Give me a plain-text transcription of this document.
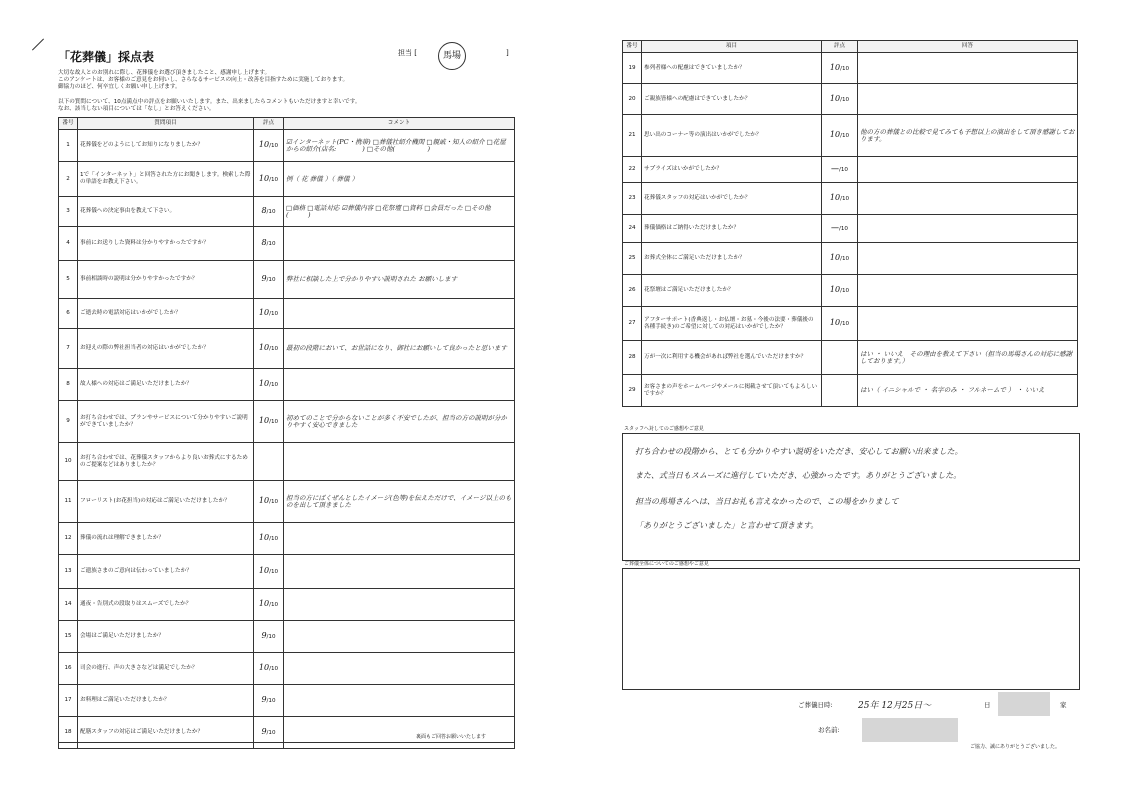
「花葬儀」採点表	担当 [	馬場	]
大切な故人とのお別れに際し、花葬儀をお選び頂きましたこと、感謝申し上げます。
このアンケートは、お客様のご意見をお伺いし、さらなるサービスの向上・改善を目指すために実施しております。
御協力のほど、何卒宜しくお願い申し上げます。
以下の質問について、10点満点中の評点をお願いいたします。また、出来ましたらコメントもいただけますと幸いです。
なお、該当しない項目については「なし」とお答えください。
番号	質問項目	評点	コメント
1	花葬儀をどのようにしてお知りになりましたか？	10/10	☑インターネット(PC・携帯) □葬儀社紹介機関 □親戚・知人の紹介 □花屋からの紹介(店名:　　　　) □その他(　　　　　)
2	1で「インターネット」と回答された方にお聞きします。検索した際の単語をお教え下さい。	10/10	例（ 花 葬儀 ）（ 葬儀 ）
3	花葬儀への決定事由を教えて下さい。	8/10	□価格 □電話対応 ☑葬儀内容 □花祭壇 □資料 □会員だった □その他(　　　)
4	事前にお送りした資料は分かりやすかったですか？	8/10	
5	事前相談時の説明は分かりやすかったですか？	9/10	弊社に相談した上で分かりやすい説明された お願いします
6	ご逝去時の電話対応はいかがでしたか？	10/10	
7	お迎えの際の弊社担当者の対応はいかがでしたか？	10/10	最初の段階において、お世話になり、御社にお願いして良かったと思います
8	故人様への対応はご満足いただけましたか？	10/10	
9	お打ち合わせでは、プランやサービスについて分かりやすいご説明ができていましたか？	10/10	初めてのことで分からないことが多く不安でしたが、担当の方の説明が分かりやすく安心できました
10	お打ち合わせでは、花葬儀スタッフからより良いお葬式にするためのご提案などはありましたか？		
11	フローリスト(お花担当)の対応はご満足いただけましたか？	10/10	担当の方にばくぜんとしたイメージ(色等)を伝えただけで、イメージ以上のものを出して頂きました
12	葬儀の流れは理解できましたか？	10/10	
13	ご遺族さまのご意向は伝わっていましたか？	10/10	
14	通夜・告別式の段取りはスムーズでしたか？	10/10	
15	会場はご満足いただけましたか？	9/10	
16	司会の進行、声の大きさなどは満足でしたか？	10/10	
17	お料理はご満足いただけましたか？	9/10	
18	配膳スタッフの対応はご満足いただけましたか？	9/10	
裏面もご回答お願いいたします
番号	項目	評点	回答
19	参列者様への配慮はできていましたか？	10/10	
20	ご親族皆様への配慮はできていましたか？	10/10	
21	思い出のコーナー等の演出はいかがでしたか？	10/10	他の方の葬儀との比較で見てみても予想以上の演出をして頂き感謝しております。
22	サプライズはいかがでしたか？	—/10	
23	花葬儀スタッフの対応はいかがでしたか？	10/10	
24	葬儀価格はご納得いただけましたか？	—/10	
25	お葬式全体にご満足いただけましたか？	10/10	
26	花祭壇はご満足いただけましたか？	10/10	
27	アフターサポート(香典返し・お仏壇・お墓・今後の法要・葬儀後の各種手続き)のご希望に対しての対応はいかがでしたか？	10/10	
28	万が一次に利用する機会があれば弊社を選んでいただけますか？		はい ・ いいえ　その理由を教えて下さい（担当の馬場さんの対応に感謝しております。）
29	お客さまの声をホームページやメールに掲載させて頂いてもよろしいですか？		はい（ イニシャルで ・ 名字のみ ・ フルネームで ） ・ いいえ
スタッフへ対してのご感想やご意見
打ち合わせの段階から、とても分かりやすい説明をいただき、安心してお願い出来ました。
また、式当日もスムーズに進行していただき、心強かったです。ありがとうございました。
担当の馬場さんへは、当日お礼も言えなかったので、この場をかりまして
「ありがとうございました」と言わせて頂きます。
ご葬儀全体についてのご感想やご意見
ご葬儀日時:	25年 12月25日～	日	家
お名前:
ご協力、誠にありがとうございました。
